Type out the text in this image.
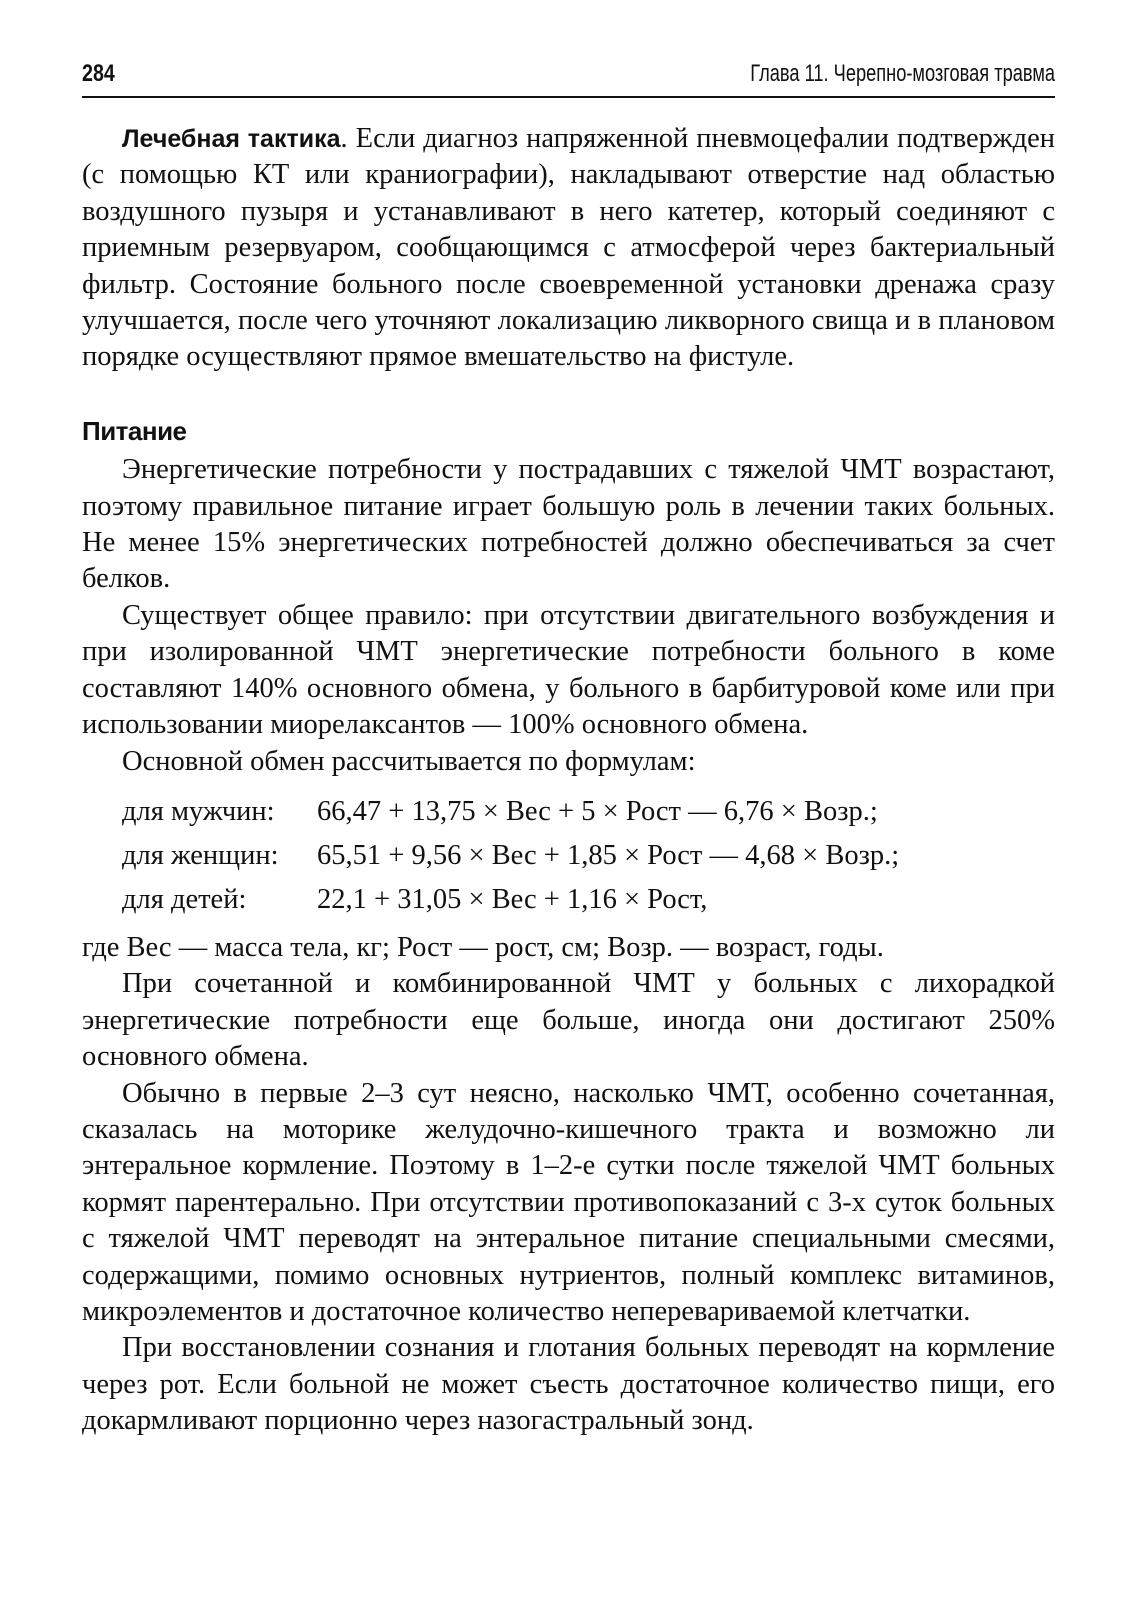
284	Глава 11. Черепно-мозговая травма

Лечебная тактика. Если диагноз напряженной пневмоцефалии подтвержден (с помощью КТ или краниографии), накладывают отверстие над областью воздушного пузыря и устанавливают в него катетер, который соединяют с приемным резервуаром, сообщающимся с атмосферой через бактериальный фильтр. Состояние больного после своевременной установки дренажа сразу улучшается, после чего уточняют локализацию ликворного свища и в плановом порядке осуществляют прямое вмешательство на фистуле.

Питание

Энергетические потребности у пострадавших с тяжелой ЧМТ возрастают, поэтому правильное питание играет большую роль в лечении таких больных. Не менее 15% энергетических потребностей должно обеспечиваться за счет белков.

Существует общее правило: при отсутствии двигательного возбуждения и при изолированной ЧМТ энергетические потребности больного в коме составляют 140% основного обмена, у больного в барбитуровой коме или при использовании миорелаксантов — 100% основного обмена.

Основной обмен рассчитывается по формулам:

для мужчин:	66,47 + 13,75 × Вес + 5 × Рост — 6,76 × Возр.;
для женщин:	65,51 + 9,56 × Вес + 1,85 × Рост — 4,68 × Возр.;
для детей:	22,1 + 31,05 × Вес + 1,16 × Рост,

где Вес — масса тела, кг; Рост — рост, см; Возр. — возраст, годы.

При сочетанной и комбинированной ЧМТ у больных с лихорадкой энергетические потребности еще больше, иногда они достигают 250% основного обмена.

Обычно в первые 2–3 сут неясно, насколько ЧМТ, особенно сочетанная, сказалась на моторике желудочно-кишечного тракта и возможно ли энтеральное кормление. Поэтому в 1–2-е сутки после тяжелой ЧМТ больных кормят парентерально. При отсутствии противопоказаний с 3-х суток больных с тяжелой ЧМТ переводят на энтеральное питание специальными смесями, содержащими, помимо основных нутриентов, полный комплекс витаминов, микроэлементов и достаточное количество неперевариваемой клетчатки.

При восстановлении сознания и глотания больных переводят на кормление через рот. Если больной не может съесть достаточное количество пищи, его докармливают порционно через назогастральный зонд.
